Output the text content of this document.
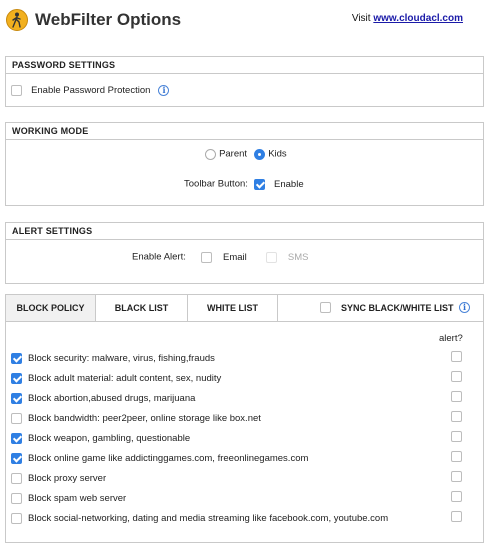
WebFilter Options	Visit www.cloudacl.com
PASSWORD SETTINGS
Enable Password Protection i
WORKING MODE
Parent Kids
Toolbar Button:	Enable
ALERT SETTINGS
Enable Alert:	Email	SMS
BLOCK POLICY	BLACK LIST	WHITE LIST	SYNC BLACK/WHITE LIST	i
alert?
Block security: malware, virus, fishing,frauds
Block adult material: adult content, sex, nudity
Block abortion,abused drugs, marijuana
Block bandwidth: peer2peer, online storage like box.net
Block weapon, gambling, questionable
Block online game like addictinggames.com, freeonlinegames.com
Block proxy server
Block spam web server
Block social-networking, dating and media streaming like facebook.com, youtube.com
